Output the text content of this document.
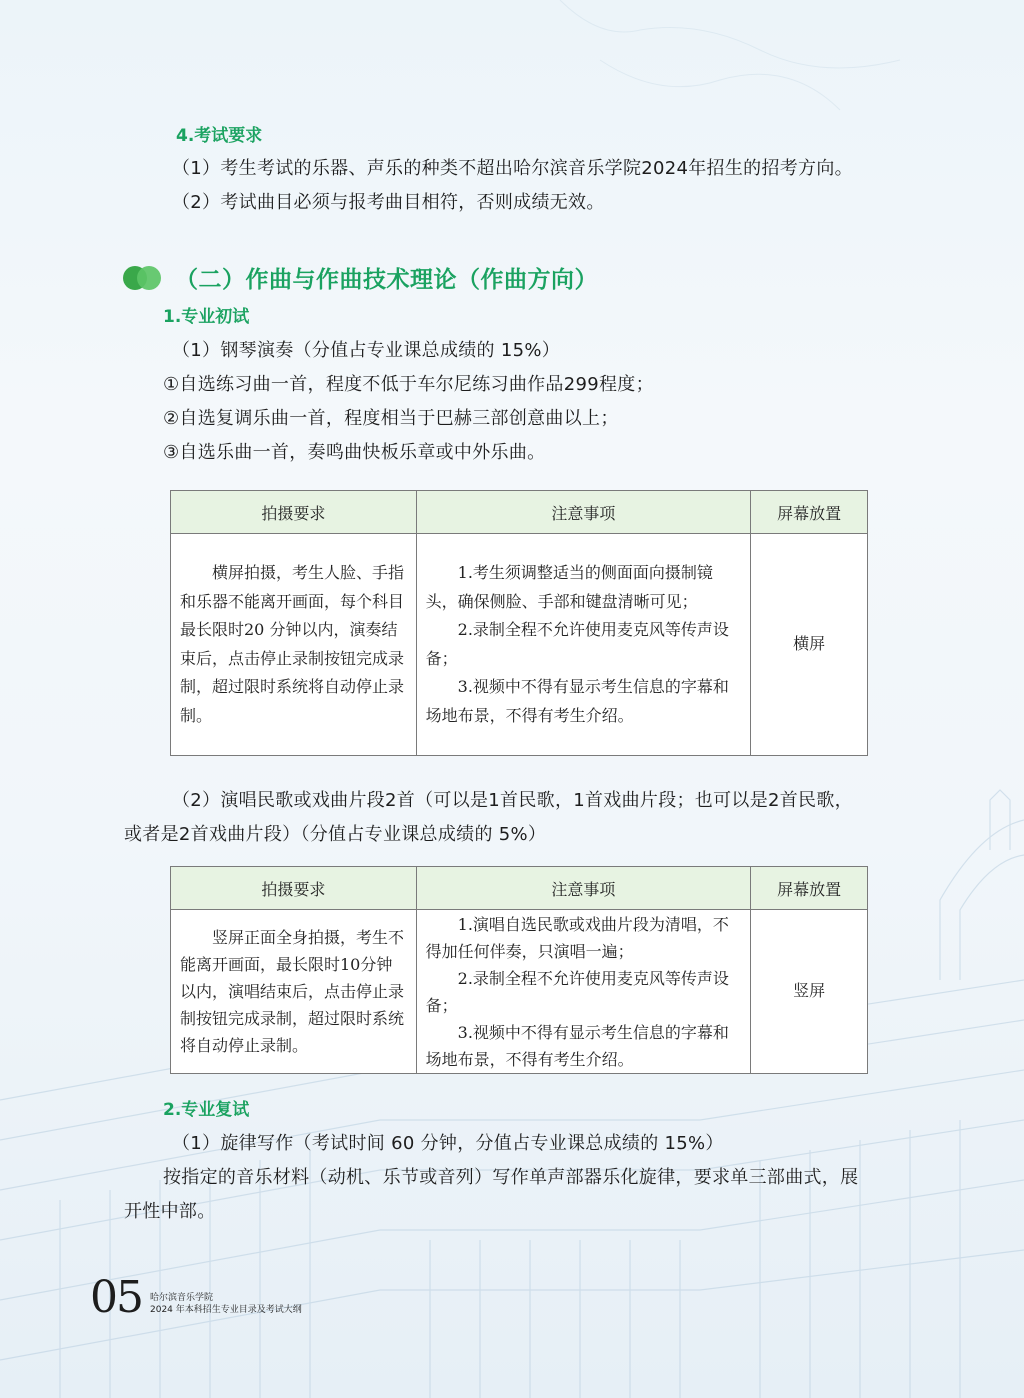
4.考试要求
（1）考生考试的乐器、声乐的种类不超出哈尔滨音乐学院2024年招生的招考方向。
（2）考试曲目必须与报考曲目相符，否则成绩无效。
（二）作曲与作曲技术理论（作曲方向）
1.专业初试
（1）钢琴演奏（分值占专业课总成绩的 15%）
①自选练习曲一首，程度不低于车尔尼练习曲作品299程度；
②自选复调乐曲一首，程度相当于巴赫三部创意曲以上；
③自选乐曲一首，奏鸣曲快板乐章或中外乐曲。
拍摄要求	注意事项	屏幕放置
横屏拍摄，考生人脸、手指和乐器不能离开画面，每个科目最长限时20 分钟以内，演奏结束后，点击停止录制按钮完成录制，超过限时系统将自动停止录制。	1.考生须调整适当的侧面面向摄制镜头，确保侧脸、手部和键盘清晰可见；
2.录制全程不允许使用麦克风等传声设备；
3.视频中不得有显示考生信息的字幕和场地布景，不得有考生介绍。	横屏
（2）演唱民歌或戏曲片段2首（可以是1首民歌，1首戏曲片段；也可以是2首民歌，
或者是2首戏曲片段）（分值占专业课总成绩的 5%）
拍摄要求	注意事项	屏幕放置
竖屏正面全身拍摄，考生不能离开画面，最长限时10分钟以内，演唱结束后，点击停止录制按钮完成录制，超过限时系统将自动停止录制。	1.演唱自选民歌或戏曲片段为清唱，不得加任何伴奏，只演唱一遍；
2.录制全程不允许使用麦克风等传声设备；
3.视频中不得有显示考生信息的字幕和场地布景，不得有考生介绍。	竖屏
2.专业复试
（1）旋律写作（考试时间 60 分钟，分值占专业课总成绩的 15%）
按指定的音乐材料（动机、乐节或音列）写作单声部器乐化旋律，要求单三部曲式，展
开性中部。
05 哈尔滨音乐学院
2024 年本科招生专业目录及考试大纲
